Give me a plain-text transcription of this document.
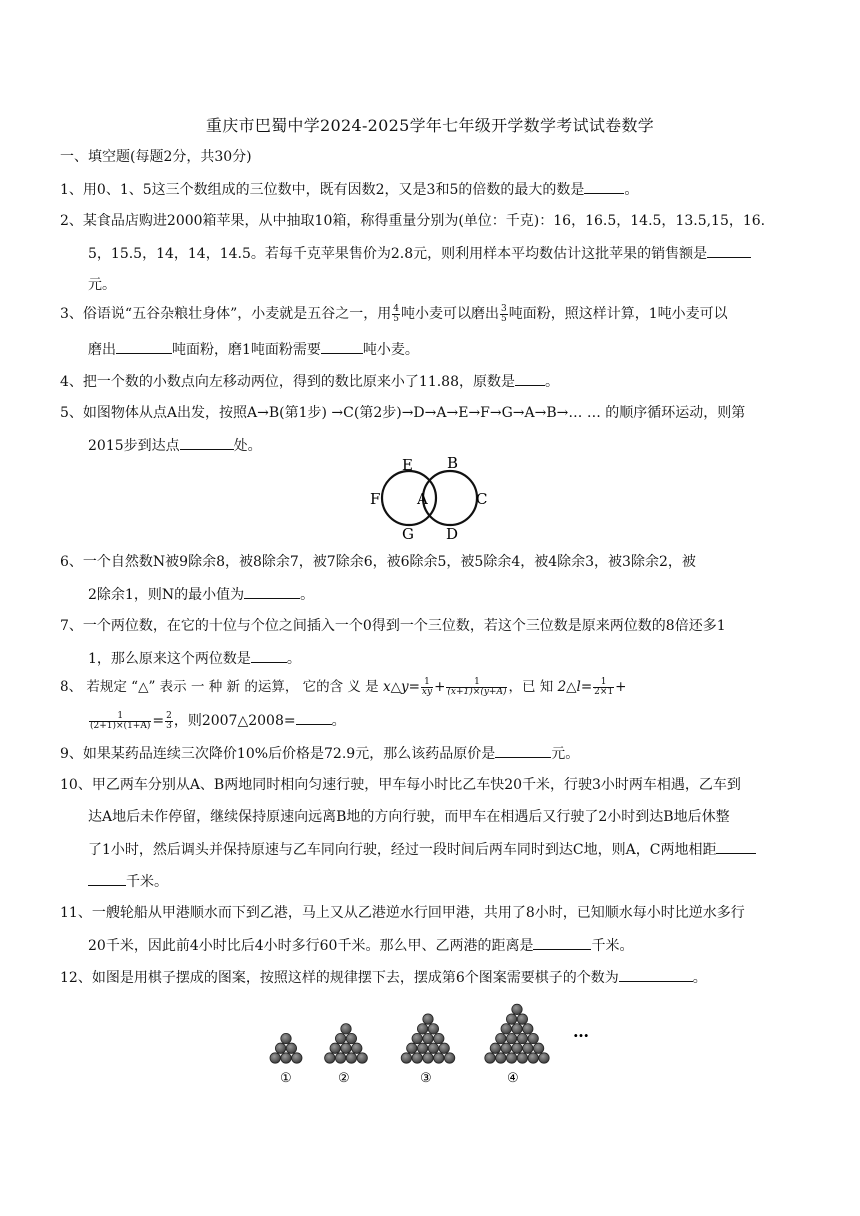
重庆市巴蜀中学2024-2025学年七年级开学数学考试试卷数学
一、填空题(每题2分，共30分)
1、用0、1、5这三个数组成的三位数中，既有因数2，又是3和5的倍数的最大的数是	。
2、某食品店购进2000箱苹果，从中抽取10箱，称得重量分别为(单位：千克)：16，16.5，14.5，13.5,15，16.
5，15.5，14，14，14.5。若每千克苹果售价为2.8元，则利用样本平均数估计这批苹果的销售额是
元。
3、俗语说“五谷杂粮壮身体”，小麦就是五谷之一，用 $\frac{4}{5}$ 吨小麦可以磨出 $\frac{3}{5}$ 吨面粉，照这样计算，1吨小麦可以
磨出	吨面粉，磨1吨面粉需要	吨小麦。
4、把一个数的小数点向左移动两位，得到的数比原来小了11.88，原数是 。
5、如图物体从点A出发，按照A→B(第1步) →C(第2步)→D→A→E→F→G→A→B→… … 的顺序循环运动，则第
2015步到达点	处。
E B
F A	C
G D
6、一个自然数N被9除余8，被8除余7，被7除余6，被6除余5，被5除余4，被4除余3，被3除余2，被
2除余1，则N的最小值为	。
7、一个两位数，在它的十位与个位之间插入一个0得到一个三位数，若这个三位数是原来两位数的8倍还多1
1，那么原来这个两位数是	。
8、 若规定 “△” 表示 一 种 新 的运算， 它的含 义 是 x△y= $\frac{1}{xy} + \frac{1}{(x+1)\times(y+A)}$ ，已 知 2△l= $\frac{1}{2\times 1}$ +
$\frac{1}{(2+1)\times(1+A)} = \frac{2}{3}$ ，则2007△2008=	。
9、如果某药品连续三次降价10%后价格是72.9元，那么该药品原价是	元。
10、甲乙两车分别从A、B两地同时相向匀速行驶，甲车每小时比乙车快20千米，行驶3小时两车相遇，乙车到
达A地后未作停留，继续保持原速向远离B地的方向行驶，而甲车在相遇后又行驶了2小时到达B地后休整
了1小时，然后调头并保持原速与乙车同向行驶，经过一段时间后两车同时到达C地，则A，C两地相距
千米。
11、一艘轮船从甲港顺水而下到乙港，马上又从乙港逆水行回甲港，共用了8小时，已知顺水每小时比逆水多行
20千米，因此前4小时比后4小时多行60千米。那么甲、乙两港的距离是	千米。
12、如图是用棋子摆成的图案，按照这样的规律摆下去，摆成第6个图案需要棋子的个数为	。
①	②	③	④
…
